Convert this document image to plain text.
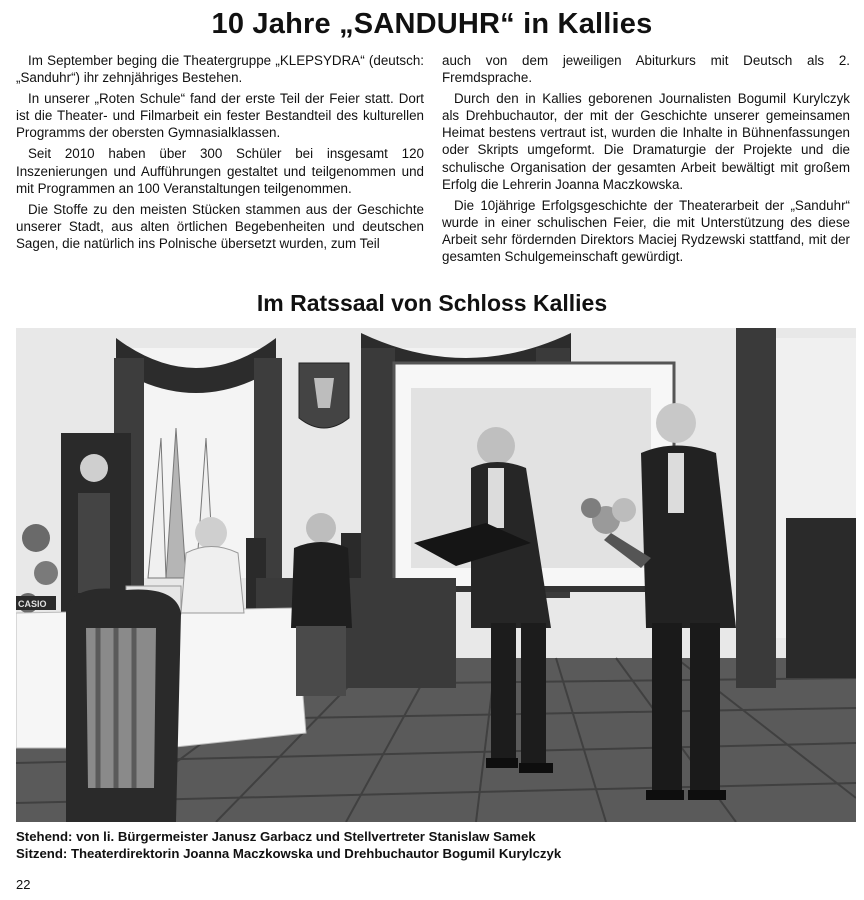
10 Jahre „SANDUHR“ in Kallies

Im September beging die Theatergruppe „KLEPSYDRA“ (deutsch: „Sanduhr“) ihr zehnjähriges Bestehen.

In unserer „Roten Schule“ fand der erste Teil der Feier statt. Dort ist die Theater- und Filmarbeit ein fester Bestandteil des kulturellen Programms der obersten Gymnasialklassen.

Seit 2010 haben über 300 Schüler bei insgesamt 120 Inszenierungen und Aufführungen gestaltet und teilgenommen und mit Programmen an 100 Veranstaltungen teilgenommen.

Die Stoffe zu den meisten Stücken stammen aus der Geschichte unserer Stadt, aus alten örtlichen Begebenheiten und deutschen Sagen, die natürlich ins Polnische übersetzt wurden, zum Teil

auch von dem jeweiligen Abiturkurs mit Deutsch als 2. Fremdsprache.

Durch den in Kallies geborenen Journalisten Bogumil Kurylczyk als Drehbuchautor, der mit der Geschichte unserer gemeinsamen Heimat bestens vertraut ist, wurden die Inhalte in Bühnenfassungen oder Skripts umgeformt. Die Dramaturgie der Projekte und die schulische Organisation der gesamten Arbeit bewältigt mit großem Erfolg die Lehrerin Joanna Maczkowska.

Die 10jährige Erfolgsgeschichte der Theaterarbeit der „Sanduhr“ wurde in einer schulischen Feier, die mit Unterstützung des diese Arbeit sehr fördernden Direktors Maciej Rydzewski stattfand, mit der gesamten Schulgemeinschaft gewürdigt.

Im Ratssaal von Schloss Kallies
CASIO
Stehend: von li. Bürgermeister Janusz Garbacz und Stellvertreter Stanislaw Samek
Sitzend: Theaterdirektorin Joanna Maczkowska und Drehbuchautor Bogumil Kurylczyk
22
